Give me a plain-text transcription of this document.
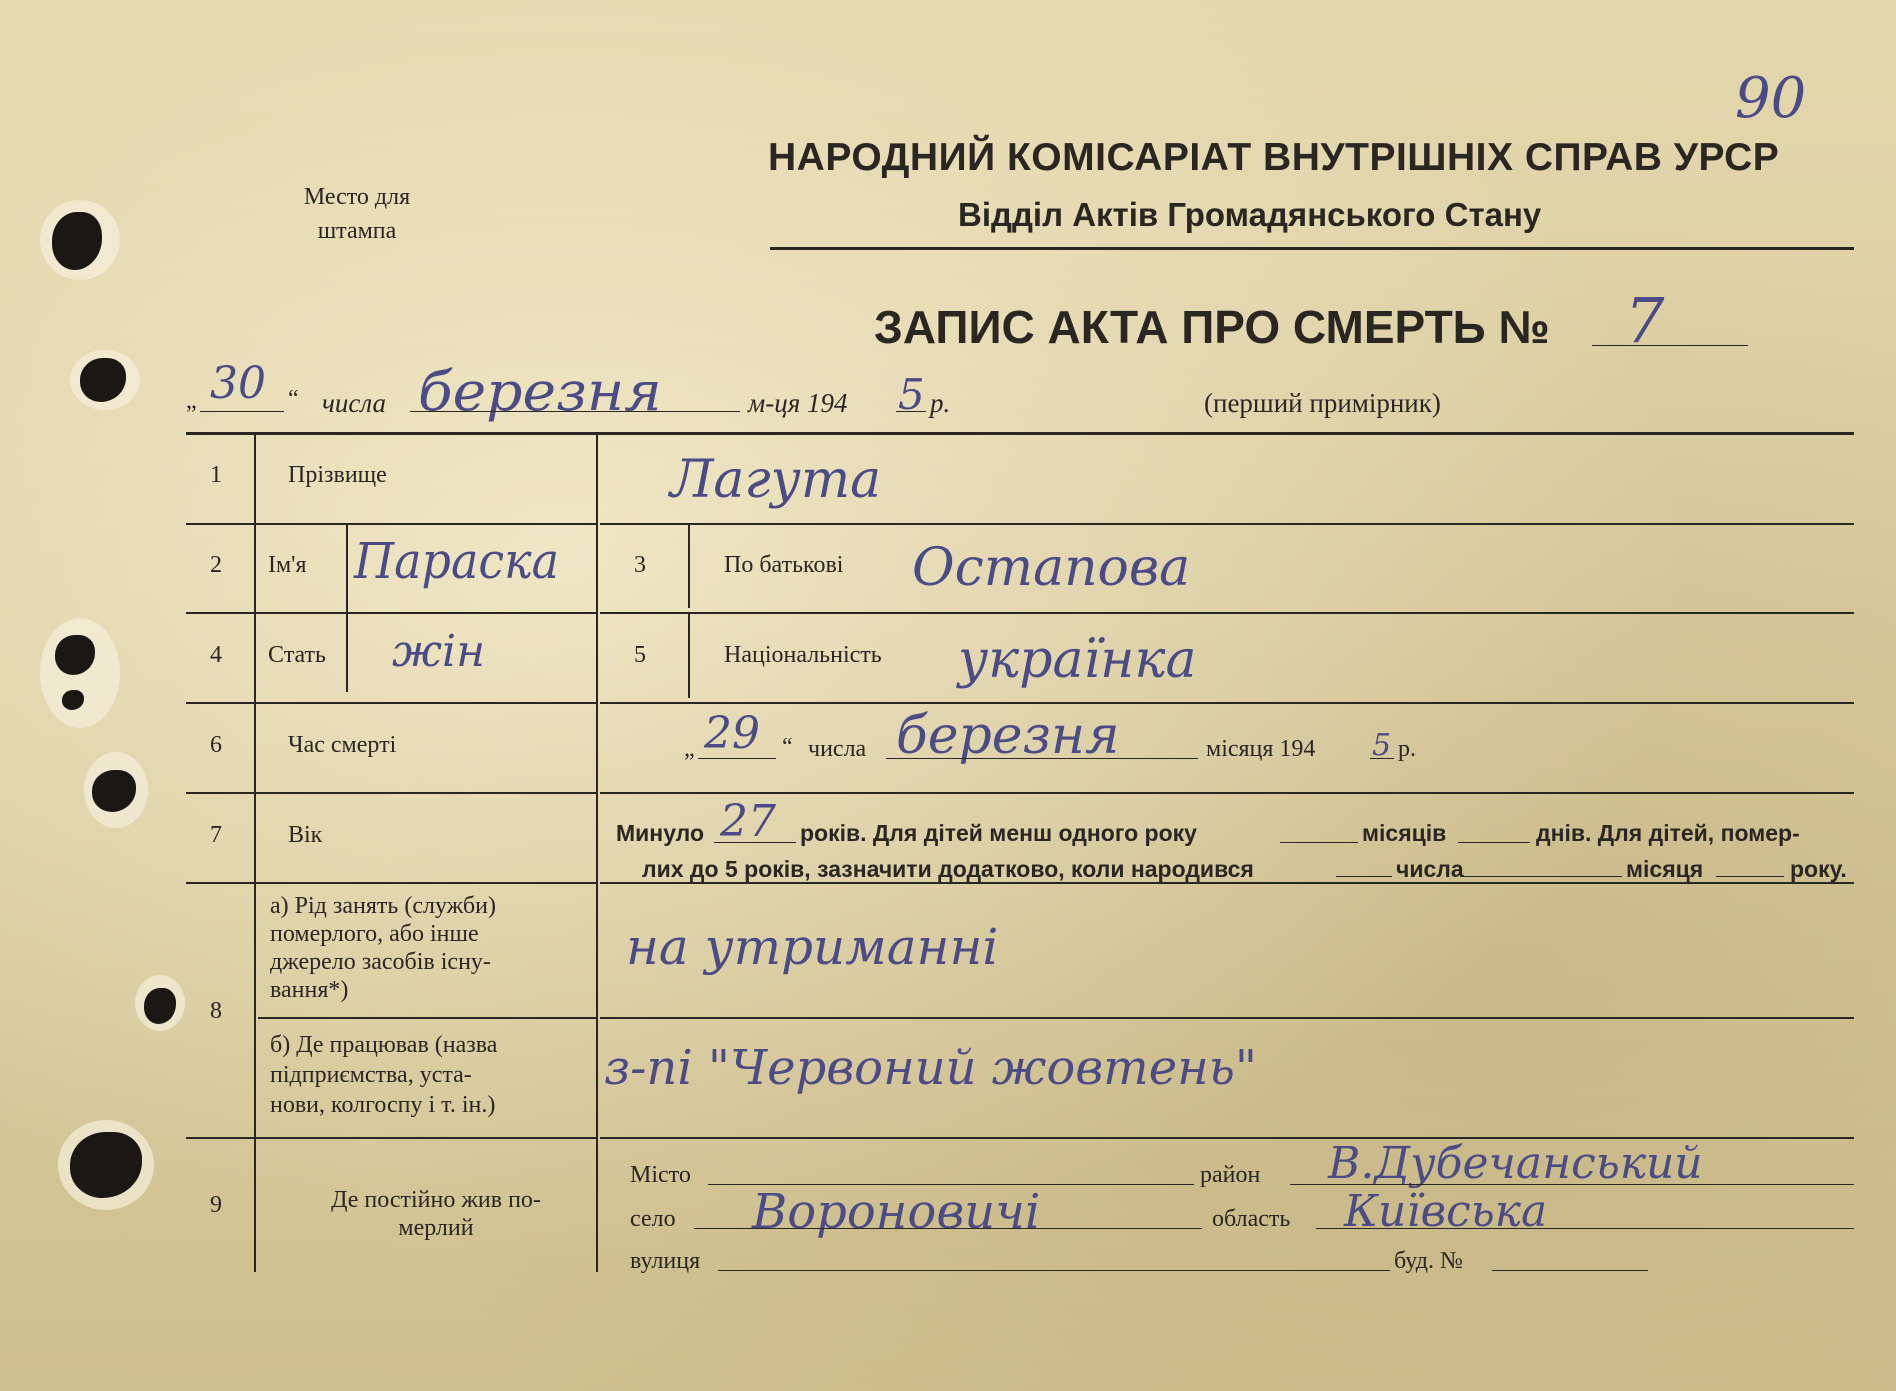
90
Место для
штампа
НАРОДНИЙ КОМІСАРІАТ ВНУТРІШНІХ СПРАВ УРСР
Відділ Актів Громадянського Стану
ЗАПИС АКТА ПРО СМЕРТЬ № 7
„ 30 “ числа березня	м-ця 194 5 р.	(перший примірник)
1	Прізвище	Лагута
2 Ім'я Параска	3	По батькові Остапова
4 Стать жін	5	Національність українка
6	Час смерті	„ 29 “ числа березня	місяця 194 5 р.
7	Вік	Минуло 27 років. Для дітей менш одного року	місяців	днів. Для дітей, помер-
лих до 5 років, зазначити додатково, коли народився	числа	місяця	року.
8
а) Рід занять (служби)
померлого, або інше
джерело засобів існу-
вання*)
на утриманні
б) Де працював (назва
підприємства, уста-
нови, колгоспу і т. ін.)
з-пі "Червоний жовтень"
9	Де постійно жив по-
мерлий
Місто	район В.Дубечанський
село Вороновичі	область Київська
вулиця	буд. №
